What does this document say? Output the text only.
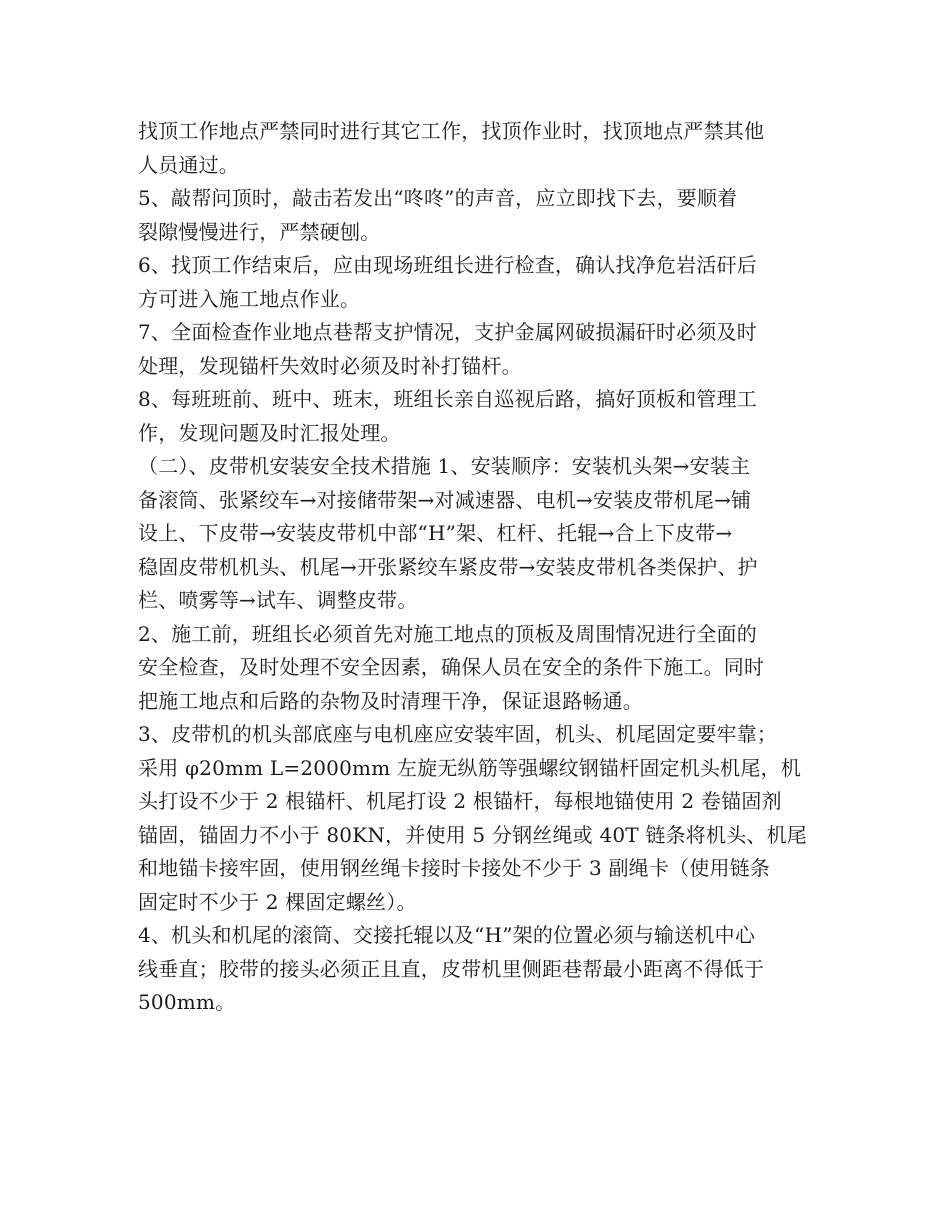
找顶工作地点严禁同时进行其它工作，找顶作业时，找顶地点严禁其他
人员通过。
5、敲帮问顶时，敲击若发出“咚咚”的声音，应立即找下去，要顺着
裂隙慢慢进行，严禁硬刨。
6、找顶工作结束后，应由现场班组长进行检查，确认找净危岩活矸后
方可进入施工地点作业。
7、全面检查作业地点巷帮支护情况，支护金属网破损漏矸时必须及时
处理，发现锚杆失效时必须及时补打锚杆。
8、每班班前、班中、班末，班组长亲自巡视后路，搞好顶板和管理工
作，发现问题及时汇报处理。
（二）、皮带机安装安全技术措施 1、安装顺序：安装机头架→安装主
备滚筒、张紧绞车→对接储带架→对减速器、电机→安装皮带机尾→铺
设上、下皮带→安装皮带机中部“H”架、杠杆、托辊→合上下皮带→
稳固皮带机机头、机尾→开张紧绞车紧皮带→安装皮带机各类保护、护
栏、喷雾等→试车、调整皮带。
2、施工前，班组长必须首先对施工地点的顶板及周围情况进行全面的
安全检查，及时处理不安全因素，确保人员在安全的条件下施工。同时
把施工地点和后路的杂物及时清理干净，保证退路畅通。
3、皮带机的机头部底座与电机座应安装牢固，机头、机尾固定要牢靠；
采用 φ20mm L=2000mm 左旋无纵筋等强螺纹钢锚杆固定机头机尾，机
头打设不少于 2 根锚杆、机尾打设 2 根锚杆，每根地锚使用 2 卷锚固剂
锚固，锚固力不小于 80KN，并使用 5 分钢丝绳或 40T 链条将机头、机尾
和地锚卡接牢固，使用钢丝绳卡接时卡接处不少于 3 副绳卡（使用链条
固定时不少于 2 棵固定螺丝）。
4、机头和机尾的滚筒、交接托辊以及“H”架的位置必须与输送机中心
线垂直；胶带的接头必须正且直，皮带机里侧距巷帮最小距离不得低于
500mm。
